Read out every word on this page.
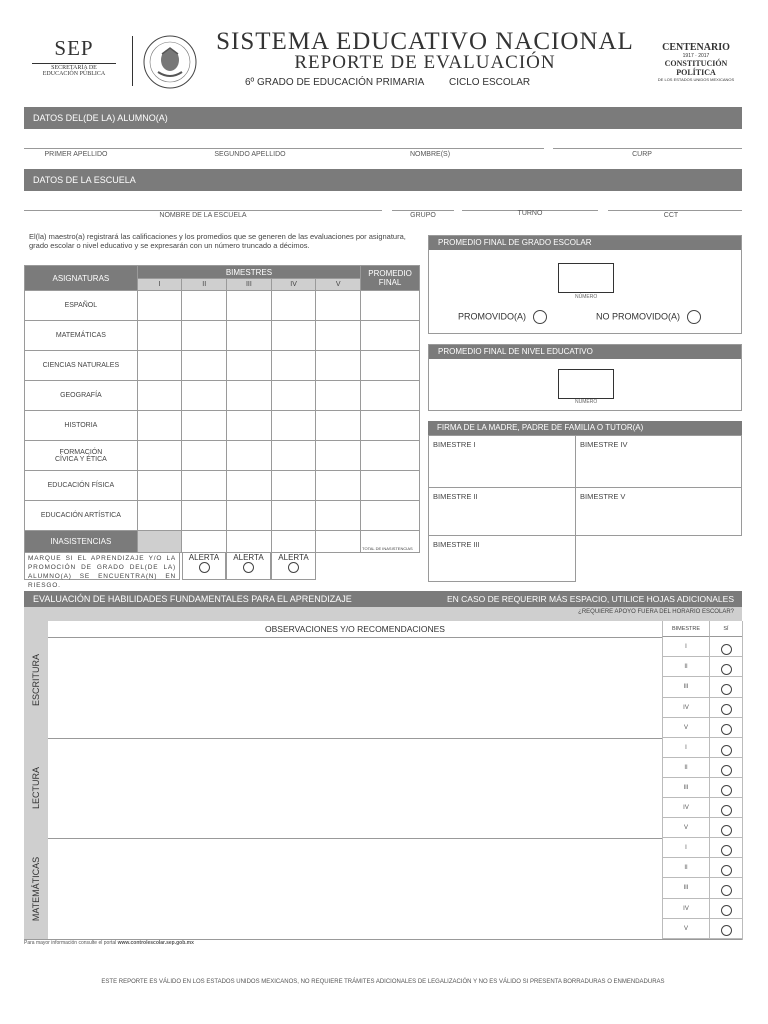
SEP
SECRETARÍA DE
EDUCACIÓN PÚBLICA
SISTEMA EDUCATIVO NACIONAL
REPORTE DE EVALUACIÓN
6º GRADO DE EDUCACIÓN PRIMARIA CICLO ESCOLAR
CENTENARIO
1917 · 2017
CONSTITUCIÓN POLÍTICA
DE LOS ESTADOS UNIDOS MEXICANOS
DATOS DEL(DE LA) ALUMNO(A)
PRIMER APELLIDO	SEGUNDO APELLIDO	NOMBRE(S)	CURP
DATOS DE LA ESCUELA
NOMBRE DE LA ESCUELA	GRUPO	TURNO	CCT
El(la) maestro(a) registrará las calificaciones y los promedios que se generen de las evaluaciones por asignatura, grado escolar o nivel educativo y se expresarán con un número truncado a décimos.
ASIGNATURAS	BIMESTRES					PROMEDIO
FINAL
	I	II	III	IV	V	
ESPAÑOL						
MATEMÁTICAS						
CIENCIAS NATURALES						
GEOGRAFÍA						
HISTORIA						
FORMACIÓN CÍVICA Y ÉTICA						
EDUCACIÓN FÍSICA						
EDUCACIÓN ARTÍSTICA						
INASISTENCIAS						TOTAL DE INASISTENCIAS
MARQUE SI EL APRENDIZAJE Y/O LA PROMOCIÓN DE GRADO DEL(DE LA) ALUMNO(A) SE ENCUENTRA(N) EN RIESGO.
ALERTA	ALERTA	ALERTA
PROMEDIO FINAL DE GRADO ESCOLAR
NÚMERO
PROMOVIDO(A)	NO PROMOVIDO(A)
PROMEDIO FINAL DE NIVEL EDUCATIVO
NÚMERO
FIRMA DE LA MADRE, PADRE DE FAMILIA O TUTOR(A)
BIMESTRE I	BIMESTRE IV
BIMESTRE II	BIMESTRE V
BIMESTRE III	
EVALUACIÓN DE HABILIDADES FUNDAMENTALES PARA EL APRENDIZAJE	EN CASO DE REQUERIR MÁS ESPACIO, UTILICE HOJAS ADICIONALES
¿REQUIERE APOYO FUERA DEL HORARIO ESCOLAR?
OBSERVACIONES Y/O RECOMENDACIONES	BIMESTRE	SÍ
ESCRITURA
LECTURA
MATEMÁTICAS
I
II
III
IV
V
I
II
III
IV
V
I
II
III
IV
V
Para mayor información consulte el portal www.controlescolar.sep.gob.mx
ESTE REPORTE ES VÁLIDO EN LOS ESTADOS UNIDOS MEXICANOS, NO REQUIERE TRÁMITES ADICIONALES DE LEGALIZACIÓN Y NO ES VÁLIDO SI PRESENTA BORRADURAS O ENMENDADURAS
